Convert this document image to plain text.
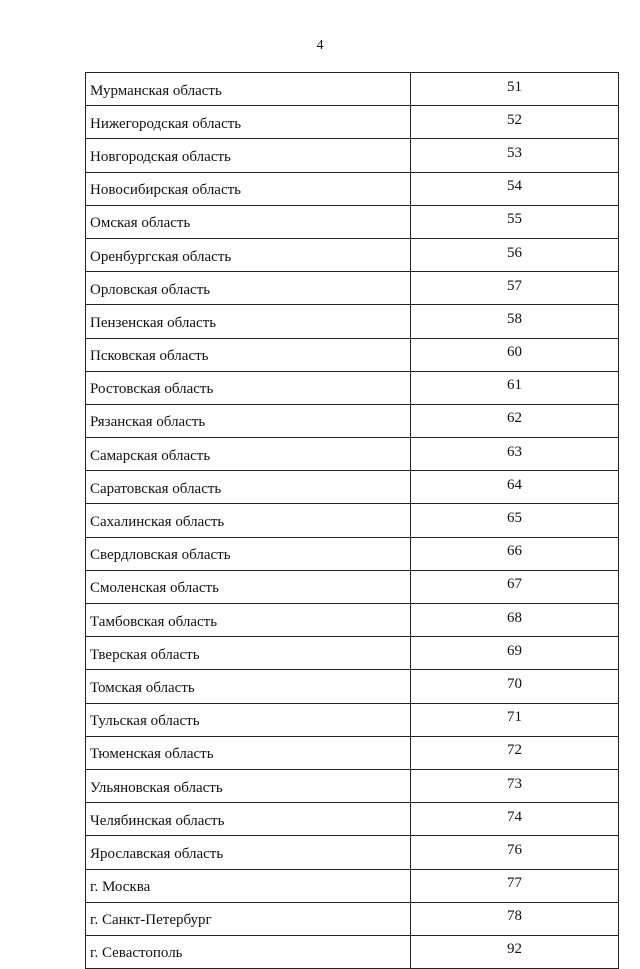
4
Мурманская область	51
Нижегородская область	52
Новгородская область	53
Новосибирская область	54
Омская область	55
Оренбургская область	56
Орловская область	57
Пензенская область	58
Псковская область	60
Ростовская область	61
Рязанская область	62
Самарская область	63
Саратовская область	64
Сахалинская область	65
Свердловская область	66
Смоленская область	67
Тамбовская область	68
Тверская область	69
Томская область	70
Тульская область	71
Тюменская область	72
Ульяновская область	73
Челябинская область	74
Ярославская область	76
г. Москва	77
г. Санкт-Петербург	78
г. Севастополь	92
